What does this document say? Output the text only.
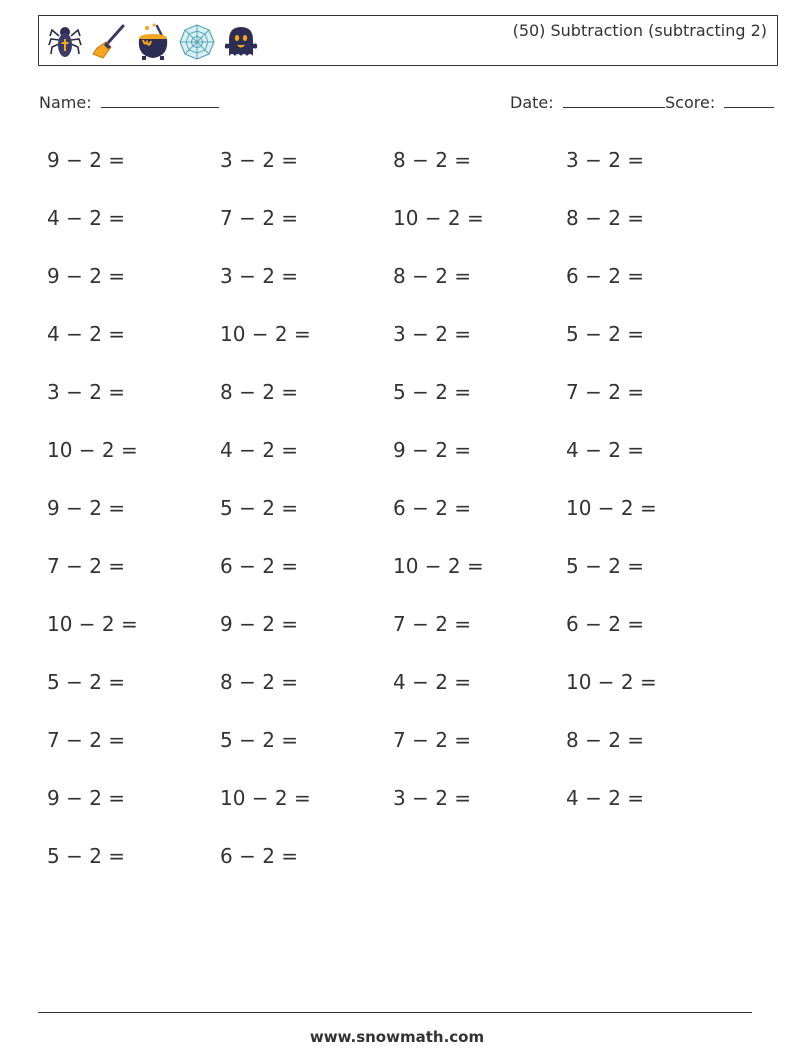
(50) Subtraction (subtracting 2)
Name:	Date:	Score:
9 − 2 =	3 − 2 =	8 − 2 =	3 − 2 =
4 − 2 =	7 − 2 =	10 − 2 =	8 − 2 =
9 − 2 =	3 − 2 =	8 − 2 =	6 − 2 =
4 − 2 =	10 − 2 =	3 − 2 =	5 − 2 =
3 − 2 =	8 − 2 =	5 − 2 =	7 − 2 =
10 − 2 =	4 − 2 =	9 − 2 =	4 − 2 =
9 − 2 =	5 − 2 =	6 − 2 =	10 − 2 =
7 − 2 =	6 − 2 =	10 − 2 =	5 − 2 =
10 − 2 =	9 − 2 =	7 − 2 =	6 − 2 =
5 − 2 =	8 − 2 =	4 − 2 =	10 − 2 =
7 − 2 =	5 − 2 =	7 − 2 =	8 − 2 =
9 − 2 =	10 − 2 =	3 − 2 =	4 − 2 =
5 − 2 =	6 − 2 =
www.snowmath.com
